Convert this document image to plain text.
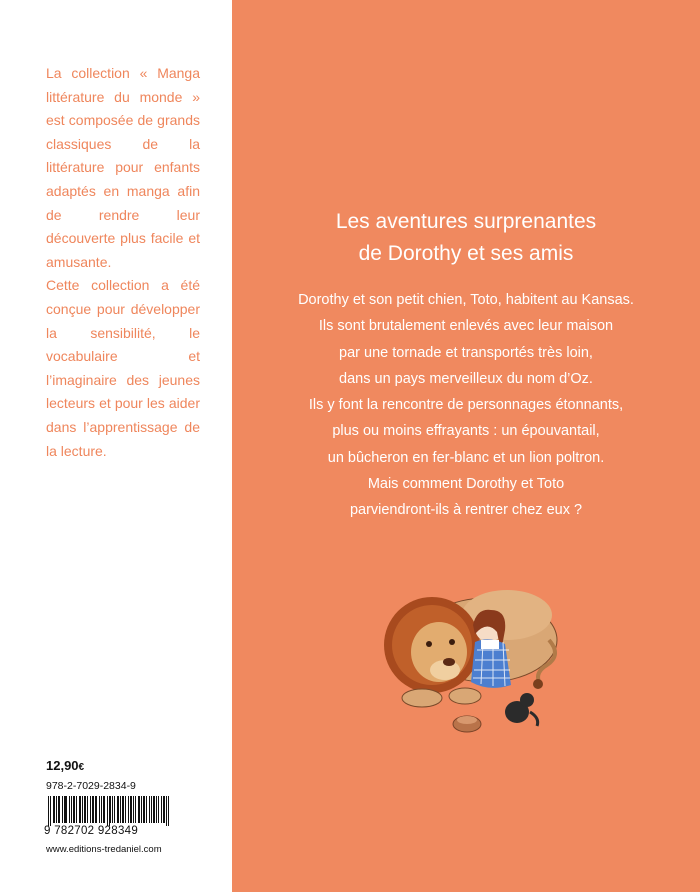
La collection « Manga littérature du monde » est composée de grands classiques de la littérature pour enfants adaptés en manga afin de rendre leur découverte plus facile et amusante.
Cette collection a été conçue pour développer la sensibilité, le vocabulaire et l’imaginaire des jeunes lecteurs et pour les aider dans l’apprentissage de la lecture.

12,90€
978-2-7029-2834-9
9 782702 928349
www.editions-tredaniel.com
Les aventures surprenantes
de Dorothy et ses amis
Dorothy et son petit chien, Toto, habitent au Kansas.
Ils sont brutalement enlevés avec leur maison
par une tornade et transportés très loin,
dans un pays merveilleux du nom d’Oz.
Ils y font la rencontre de personnages étonnants,
plus ou moins effrayants : un épouvantail,
un bûcheron en fer-blanc et un lion poltron.
Mais comment Dorothy et Toto
parviendront-ils à rentrer chez eux ?
